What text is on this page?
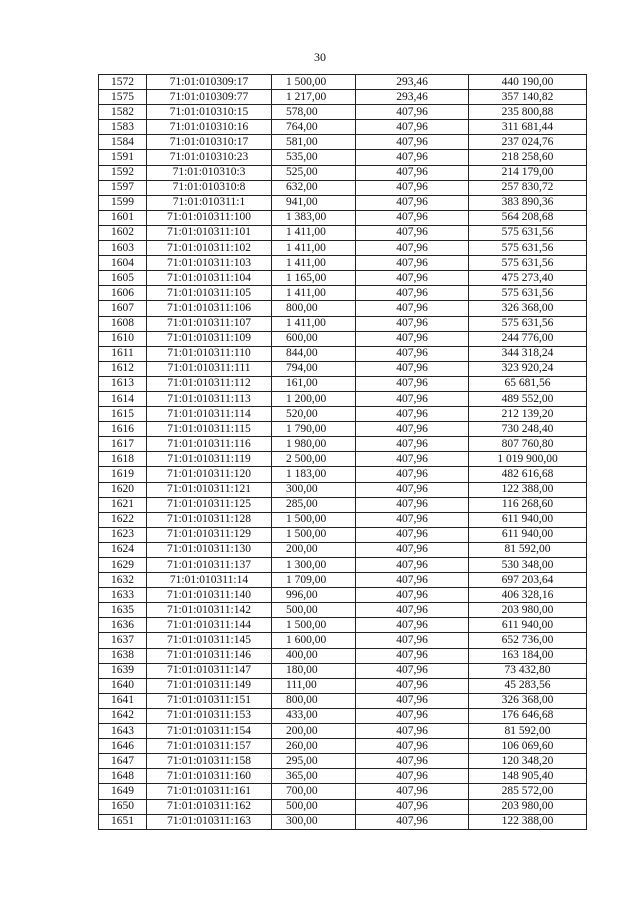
30
1572	71:01:010309:17	1 500,00	293,46	440 190,00
1575	71:01:010309:77	1 217,00	293,46	357 140,82
1582	71:01:010310:15	578,00	407,96	235 800,88
1583	71:01:010310:16	764,00	407,96	311 681,44
1584	71:01:010310:17	581,00	407,96	237 024,76
1591	71:01:010310:23	535,00	407,96	218 258,60
1592	71:01:010310:3	525,00	407,96	214 179,00
1597	71:01:010310:8	632,00	407,96	257 830,72
1599	71:01:010311:1	941,00	407,96	383 890,36
1601	71:01:010311:100	1 383,00	407,96	564 208,68
1602	71:01:010311:101	1 411,00	407,96	575 631,56
1603	71:01:010311:102	1 411,00	407,96	575 631,56
1604	71:01:010311:103	1 411,00	407,96	575 631,56
1605	71:01:010311:104	1 165,00	407,96	475 273,40
1606	71:01:010311:105	1 411,00	407,96	575 631,56
1607	71:01:010311:106	800,00	407,96	326 368,00
1608	71:01:010311:107	1 411,00	407,96	575 631,56
1610	71:01:010311:109	600,00	407,96	244 776,00
1611	71:01:010311:110	844,00	407,96	344 318,24
1612	71:01:010311:111	794,00	407,96	323 920,24
1613	71:01:010311:112	161,00	407,96	65 681,56
1614	71:01:010311:113	1 200,00	407,96	489 552,00
1615	71:01:010311:114	520,00	407,96	212 139,20
1616	71:01:010311:115	1 790,00	407,96	730 248,40
1617	71:01:010311:116	1 980,00	407,96	807 760,80
1618	71:01:010311:119	2 500,00	407,96	1 019 900,00
1619	71:01:010311:120	1 183,00	407,96	482 616,68
1620	71:01:010311:121	300,00	407,96	122 388,00
1621	71:01:010311:125	285,00	407,96	116 268,60
1622	71:01:010311:128	1 500,00	407,96	611 940,00
1623	71:01:010311:129	1 500,00	407,96	611 940,00
1624	71:01:010311:130	200,00	407,96	81 592,00
1629	71:01:010311:137	1 300,00	407,96	530 348,00
1632	71:01:010311:14	1 709,00	407,96	697 203,64
1633	71:01:010311:140	996,00	407,96	406 328,16
1635	71:01:010311:142	500,00	407,96	203 980,00
1636	71:01:010311:144	1 500,00	407,96	611 940,00
1637	71:01:010311:145	1 600,00	407,96	652 736,00
1638	71:01:010311:146	400,00	407,96	163 184,00
1639	71:01:010311:147	180,00	407,96	73 432,80
1640	71:01:010311:149	111,00	407,96	45 283,56
1641	71:01:010311:151	800,00	407,96	326 368,00
1642	71:01:010311:153	433,00	407,96	176 646,68
1643	71:01:010311:154	200,00	407,96	81 592,00
1646	71:01:010311:157	260,00	407,96	106 069,60
1647	71:01:010311:158	295,00	407,96	120 348,20
1648	71:01:010311:160	365,00	407,96	148 905,40
1649	71:01:010311:161	700,00	407,96	285 572,00
1650	71:01:010311:162	500,00	407,96	203 980,00
1651	71:01:010311:163	300,00	407,96	122 388,00
